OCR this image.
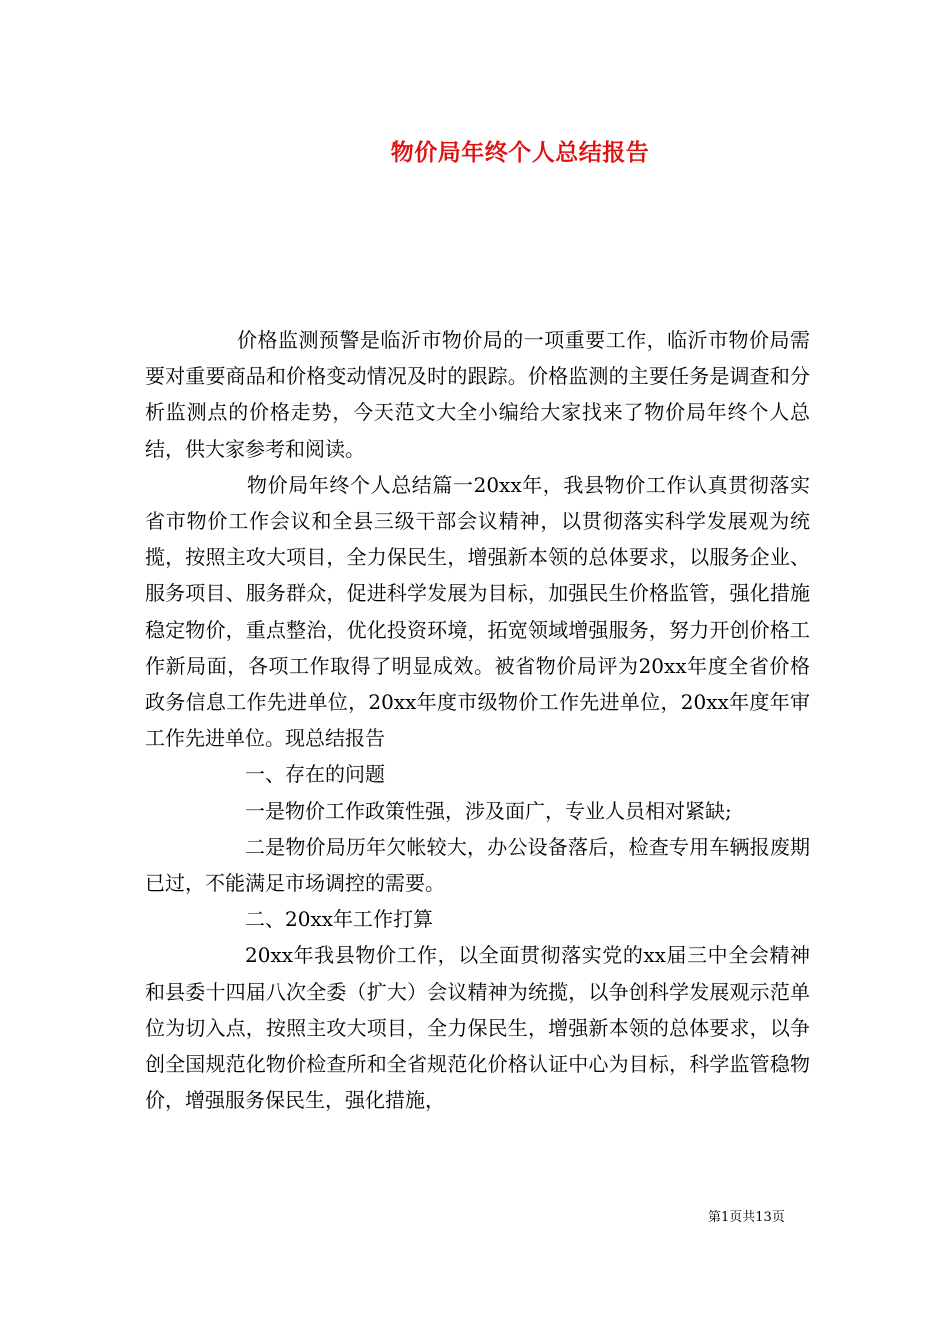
物价局年终个人总结报告

价格监测预警是临沂市物价局的一项重要工作，临沂市物价局需要对重要商品和价格变动情况及时的跟踪。价格监测的主要任务是调查和分析监测点的价格走势，今天范文大全小编给大家找来了物价局年终个人总结，供大家参考和阅读。

物价局年终个人总结篇一20xx年，我县物价工作认真贯彻落实省市物价工作会议和全县三级干部会议精神，以贯彻落实科学发展观为统揽，按照主攻大项目，全力保民生，增强新本领的总体要求，以服务企业、服务项目、服务群众，促进科学发展为目标，加强民生价格监管，强化措施稳定物价，重点整治，优化投资环境，拓宽领域增强服务，努力开创价格工作新局面，各项工作取得了明显成效。被省物价局评为20xx年度全省价格政务信息工作先进单位，20xx年度市级物价工作先进单位，20xx年度年审工作先进单位。现总结报告

一、存在的问题

一是物价工作政策性强，涉及面广，专业人员相对紧缺;

二是物价局历年欠帐较大，办公设备落后，检查专用车辆报废期已过，不能满足市场调控的需要。

二、20xx年工作打算

20xx年我县物价工作，以全面贯彻落实党的xx届三中全会精神和县委十四届八次全委（扩大）会议精神为统揽，以争创科学发展观示范单位为切入点，按照主攻大项目，全力保民生，增强新本领的总体要求，以争创全国规范化物价检查所和全省规范化价格认证中心为目标，科学监管稳物价，增强服务保民生，强化措施，

第1页共13页
